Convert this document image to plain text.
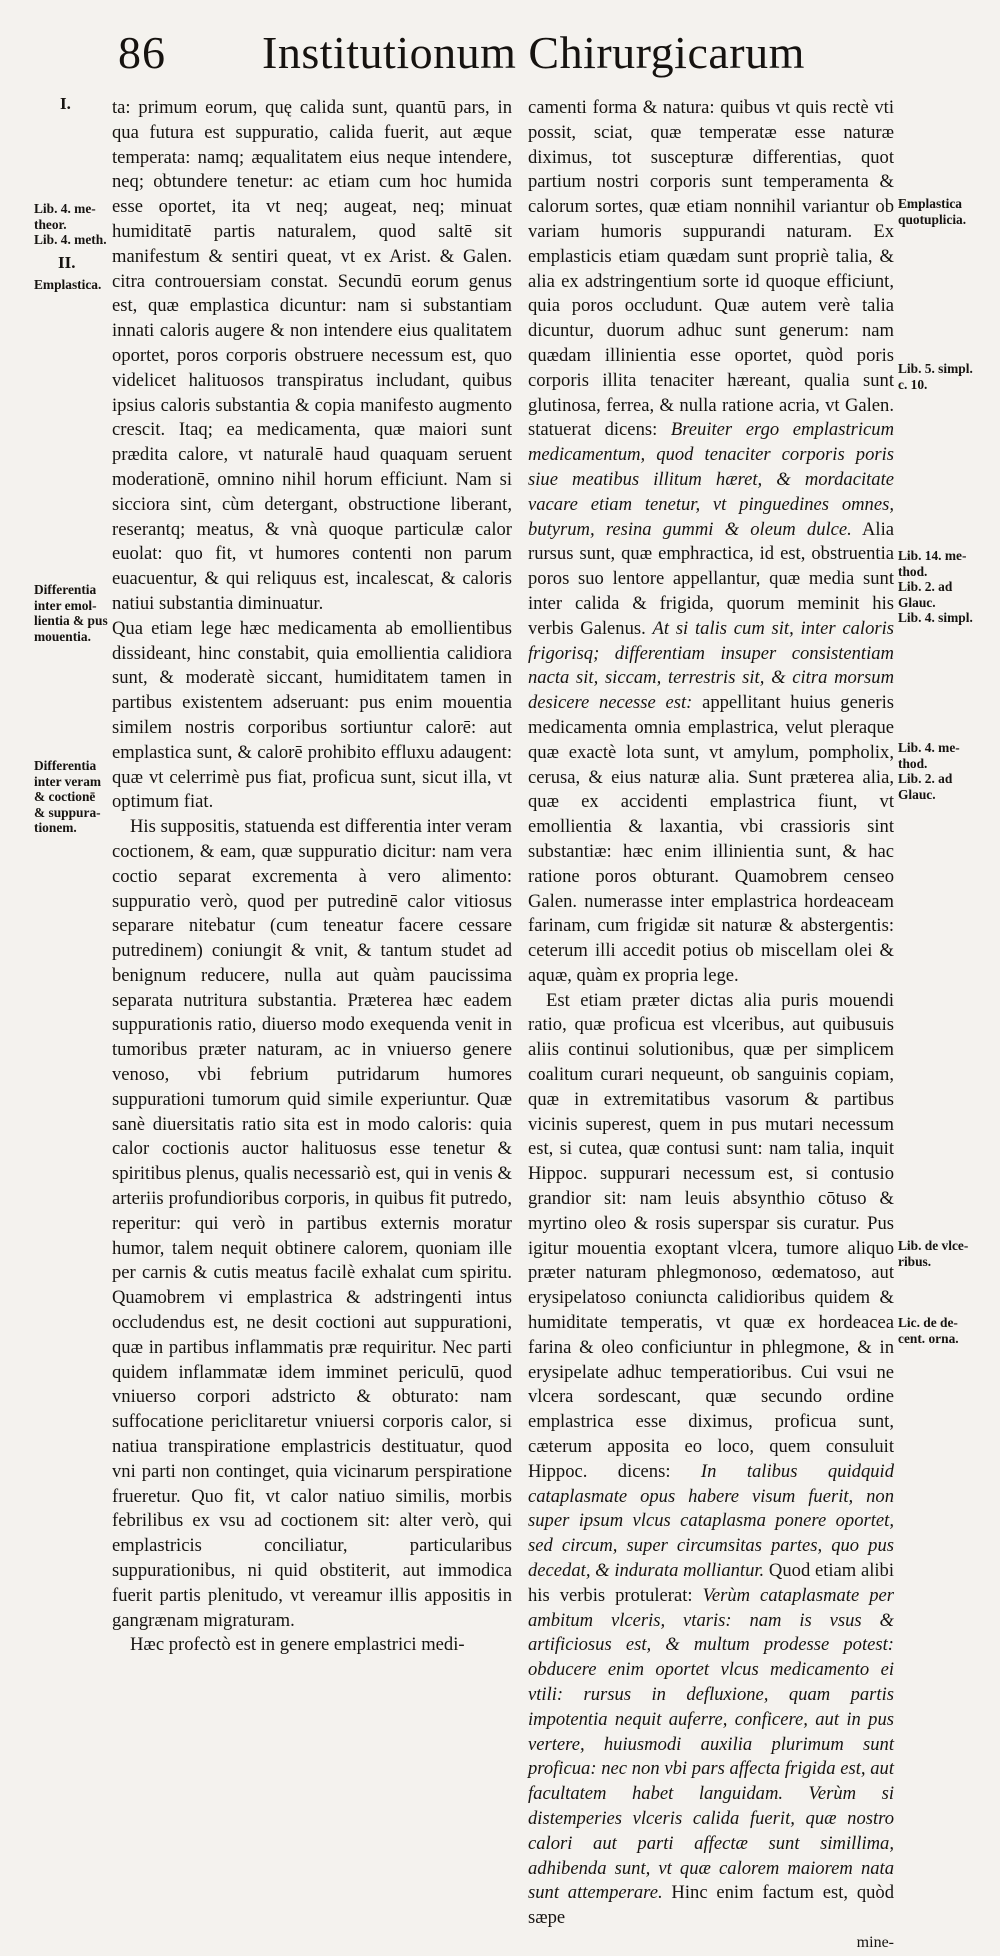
86 Institutionum Chirurgicarum
I.
Lib. 4. me-
theor.
Lib. 4. meth.
II.
Emplastica.
Differentia
inter emol-
lientia & pus
mouentia.
Differentia
inter veram
& coctionē
& suppura-
tionem.
Emplastica
quotuplicia.
Lib. 5. simpl.
c. 10.
Lib. 14. me-
thod.
Lib. 2. ad
Glauc.
Lib. 4. simpl.
Lib. 4. me-
thod.
Lib. 2. ad
Glauc.
Lib. de vlce-
ribus.
Lic. de de-
cent. orna.

ta: primum eorum, quę calida sunt, quantū pars, in qua futura est suppuratio, calida fuerit, aut æque temperata: namq; æqualitatem eius neque intendere, neq; obtundere tenetur: ac etiam cum hoc humida esse oportet, ita vt neq; augeat, neq; minuat humiditatē partis naturalem, quod saltē sit manifestum & sentiri queat, vt ex Arist. & Galen. citra controuersiam constat. Secundū eorum genus est, quæ emplastica dicuntur: nam si substantiam innati caloris augere & non intendere eius qualitatem oportet, poros corporis obstruere necessum est, quo videlicet halituosos transpiratus includant, quibus ipsius caloris substantia & copia manifesto augmento crescit. Itaq; ea medicamenta, quæ maiori sunt prædita calore, vt naturalē haud quaquam seruent moderationē, omnino nihil horum efficiunt. Nam si sicciora sint, cùm detergant, obstructione liberant, reserantq; meatus, & vnà quoque particulæ calor euolat: quo fit, vt humores contenti non parum euacuentur, & qui reliquus est, incalescat, & caloris natiui substantia diminuatur.

Qua etiam lege hæc medicamenta ab emollientibus dissideant, hinc constabit, quia emollientia calidiora sunt, & moderatè siccant, humiditatem tamen in partibus existentem adseruant: pus enim mouentia similem nostris corporibus sortiuntur calorē: aut emplastica sunt, & calorē prohibito effluxu adaugent: quæ vt celerrimè pus fiat, proficua sunt, sicut illa, vt optimum fiat.

His suppositis, statuenda est differentia inter veram coctionem, & eam, quæ suppuratio dicitur: nam vera coctio separat excrementa à vero alimento: suppuratio verò, quod per putredinē calor vitiosus separare nitebatur (cum teneatur facere cessare putredinem) coniungit & vnit, & tantum studet ad benignum reducere, nulla aut quàm paucissima separata nutritura substantia. Præterea hæc eadem suppurationis ratio, diuerso modo exequenda venit in tumoribus præter naturam, ac in vniuerso genere venoso, vbi febrium putridarum humores suppurationi tumorum quid simile experiuntur. Quæ sanè diuersitatis ratio sita est in modo caloris: quia calor coctionis auctor halituosus esse tenetur & spiritibus plenus, qualis necessariò est, qui in venis & arteriis profundioribus corporis, in quibus fit putredo, reperitur: qui verò in partibus externis moratur humor, talem nequit obtinere calorem, quoniam ille per carnis & cutis meatus facilè exhalat cum spiritu. Quamobrem vi emplastrica & adstringenti intus occludendus est, ne desit coctioni aut suppurationi, quæ in partibus inflammatis præ requiritur. Nec parti quidem inflammatæ idem imminet periculū, quod vniuerso corpori adstricto & obturato: nam suffocatione periclitaretur vniuersi corporis calor, si natiua transpiratione emplastricis destituatur, quod vni parti non continget, quia vicinarum perspiratione frueretur. Quo fit, vt calor natiuo similis, morbis febrilibus ex vsu ad coctionem sit: alter verò, qui emplastricis conciliatur, particularibus suppurationibus, ni quid obstiterit, aut immodica fuerit partis plenitudo, vt vereamur illis appositis in gangrænam migraturam.

Hæc profectò est in genere emplastrici medi-

camenti forma & natura: quibus vt quis rectè vti possit, sciat, quæ temperatæ esse naturæ diximus, tot suscepturæ differentias, quot partium nostri corporis sunt temperamenta & calorum sortes, quæ etiam nonnihil variantur ob variam humoris suppurandi naturam. Ex emplasticis etiam quædam sunt propriè talia, & alia ex adstringentium sorte id quoque efficiunt, quia poros occludunt. Quæ autem verè talia dicuntur, duorum adhuc sunt generum: nam quædam illinientia esse oportet, quòd poris corporis illita tenaciter hæreant, qualia sunt glutinosa, ferrea, & nulla ratione acria, vt Galen. statuerat dicens: Breuiter ergo emplastricum medicamentum, quod tenaciter corporis poris siue meatibus illitum hæret, & mordacitate vacare etiam tenetur, vt pinguedines omnes, butyrum, resina gummi & oleum dulce. Alia rursus sunt, quæ emphractica, id est, obstruentia poros suo lentore appellantur, quæ media sunt inter calida & frigida, quorum meminit his verbis Galenus. At si talis cum sit, inter caloris frigorisq; differentiam insuper consistentiam nacta sit, siccam, terrestris sit, & citra morsum desicere necesse est: appellitant huius generis medicamenta omnia emplastrica, velut pleraque quæ exactè lota sunt, vt amylum, pompholix, cerusa, & eius naturæ alia. Sunt præterea alia, quæ ex accidenti emplastrica fiunt, vt emollientia & laxantia, vbi crassioris sint substantiæ: hæc enim illinientia sunt, & hac ratione poros obturant. Quamobrem censeo Galen. numerasse inter emplastrica hordeaceam farinam, cum frigidæ sit naturæ & abstergentis: ceterum illi accedit potius ob miscellam olei & aquæ, quàm ex propria lege.

Est etiam præter dictas alia puris mouendi ratio, quæ proficua est vlceribus, aut quibusuis aliis continui solutionibus, quæ per simplicem coalitum curari nequeunt, ob sanguinis copiam, quæ in extremitatibus vasorum & partibus vicinis superest, quem in pus mutari necessum est, si cutea, quæ contusi sunt: nam talia, inquit Hippoc. suppurari necessum est, si contusio grandior sit: nam leuis absynthio cōtuso & myrtino oleo & rosis superspar sis curatur. Pus igitur mouentia exoptant vlcera, tumore aliquo præter naturam phlegmonoso, œdematoso, aut erysipelatoso coniuncta calidioribus quidem & humiditate temperatis, vt quæ ex hordeacea farina & oleo conficiuntur in phlegmone, & in erysipelate adhuc temperatioribus. Cui vsui ne vlcera sordescant, quæ secundo ordine emplastrica esse diximus, proficua sunt, cæterum apposita eo loco, quem consuluit Hippoc. dicens: In talibus quidquid cataplasmate opus habere visum fuerit, non super ipsum vlcus cataplasma ponere oportet, sed circum, super circumsitas partes, quo pus decedat, & indurata molliantur. Quod etiam alibi his verbis protulerat: Verùm cataplasmate per ambitum vlceris, vtaris: nam is vsus & artificiosus est, & multum prodesse potest: obducere enim oportet vlcus medicamento ei vtili: rursus in defluxione, quam partis impotentia nequit auferre, conficere, aut in pus vertere, huiusmodi auxilia plurimum sunt proficua: nec non vbi pars affecta frigida est, aut facultatem habet languidam. Verùm si distemperies vlceris calida fuerit, quæ nostro calori aut parti affectæ sunt simillima, adhibenda sunt, vt quæ calorem maiorem nata sunt attemperare. Hinc enim factum est, quòd sæpe

mine-
